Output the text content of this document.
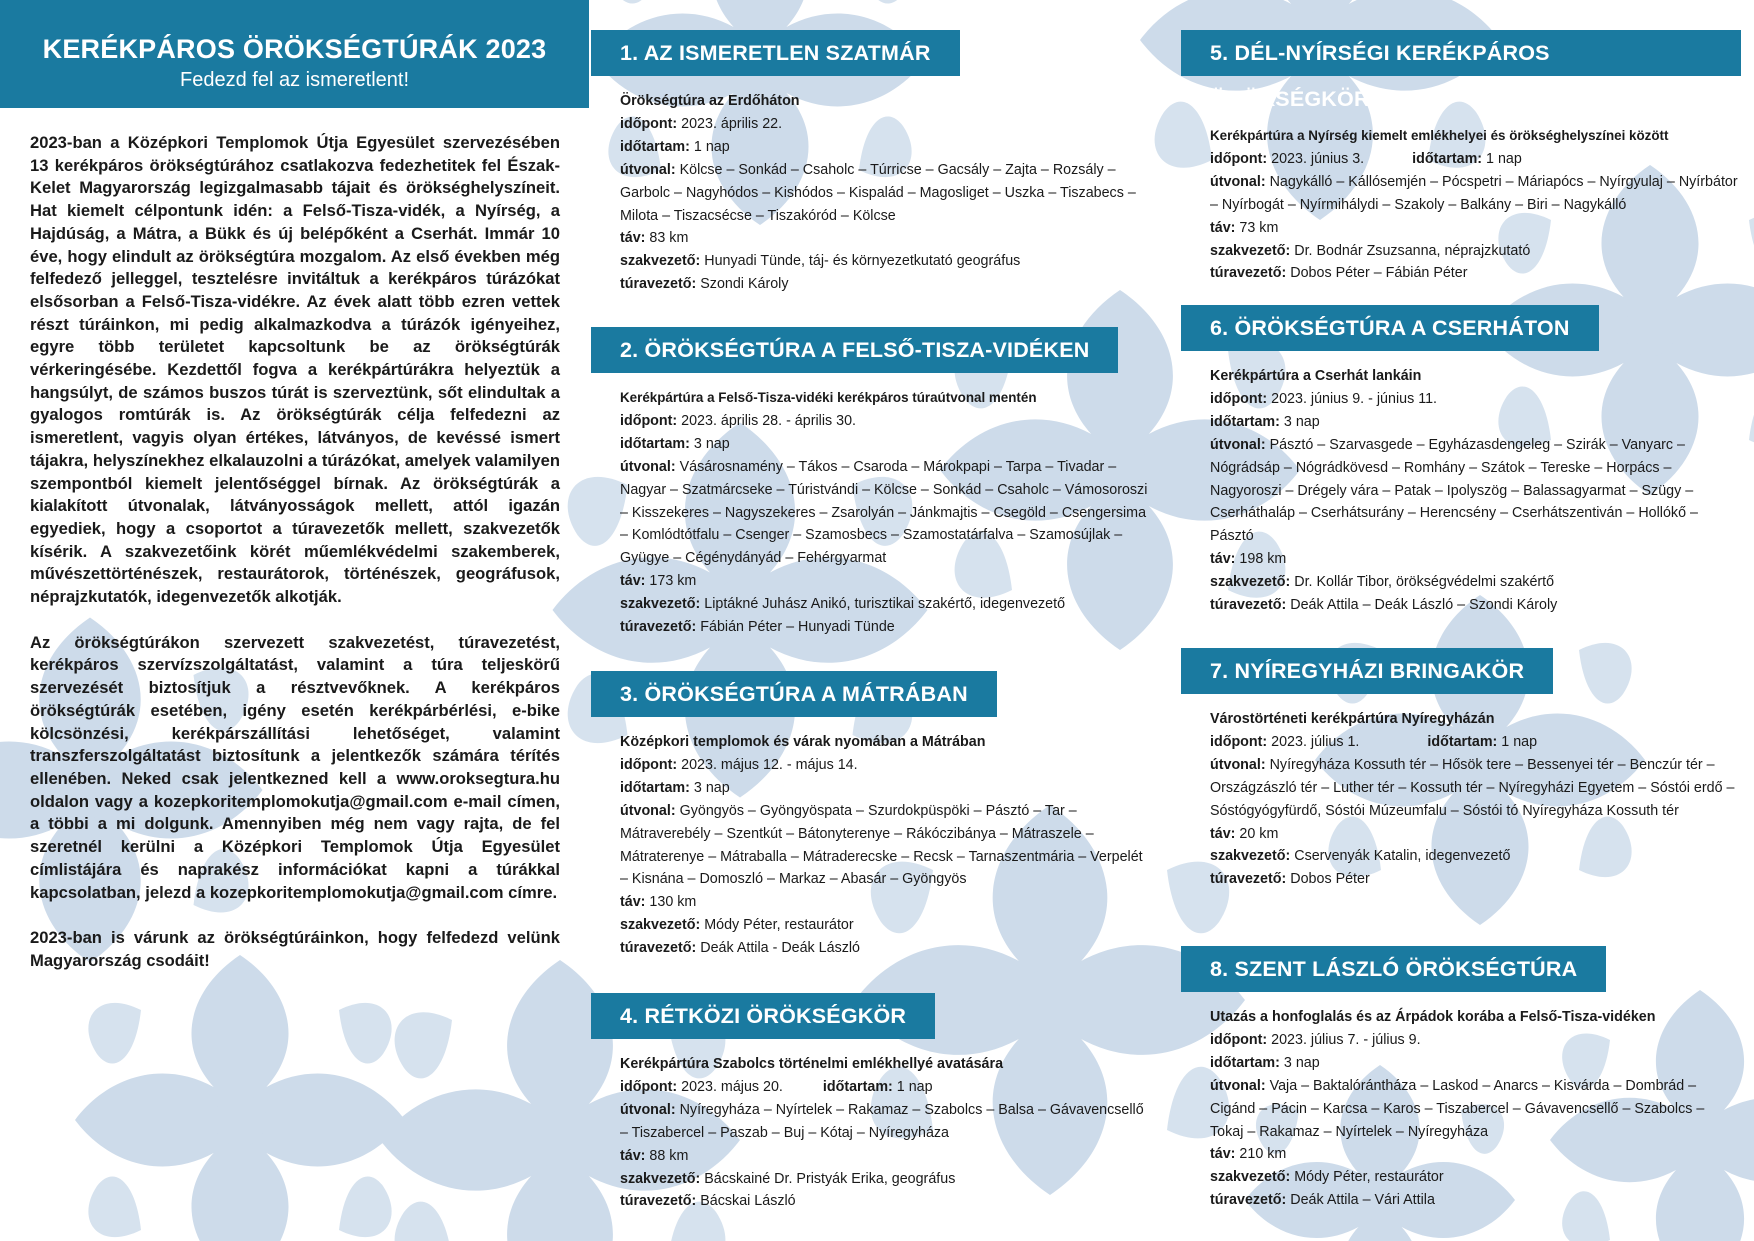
KERÉKPÁROS ÖRÖKSÉGTÚRÁK 2023
Fedezd fel az ismeretlent!

2023-ban a Középkori Templomok Útja Egyesület szervezésében 13 kerékpáros örökségtúrához csatlakozva fedezhetitek fel Észak-Kelet Magyarország legizgalmasabb tájait és örökséghelyszíneit. Hat kiemelt célpontunk idén: a Felső-Tisza-vidék, a Nyírség, a Hajdúság, a Mátra, a Bükk és új belépőként a Cserhát. Immár 10 éve, hogy elindult az örökségtúra mozgalom. Az első években még felfedező jelleggel, tesztelésre invitáltuk a kerékpáros túrázókat elsősorban a Felső-Tisza-vidékre. Az évek alatt több ezren vettek részt túráinkon, mi pedig alkalmazkodva a túrázók igényeihez, egyre több területet kapcsoltunk be az örökségtúrák vérkeringésébe. Kezdettől fogva a kerékpártúrákra helyeztük a hangsúlyt, de számos buszos túrát is szerveztünk, sőt elindultak a gyalogos romtúrák is. Az örökségtúrák célja felfedezni az ismeretlent, vagyis olyan értékes, látványos, de kevéssé ismert tájakra, helyszínekhez elkalauzolni a túrázókat, amelyek valamilyen szempontból kiemelt jelentőséggel bírnak. Az örökségtúrák a kialakított útvonalak, látványosságok mellett, attól igazán egyediek, hogy a csoportot a túravezetők mellett, szakvezetők kísérik. A szakvezetőink körét műemlékvédelmi szakemberek, művészettörténészek, restaurátorok, történészek, geográfusok, néprajzkutatók, idegenvezetők alkotják.

Az örökségtúrákon szervezett szakvezetést, túravezetést, kerékpáros szervízszolgáltatást, valamint a túra teljeskörű szervezését biztosítjuk a résztvevőknek. A kerékpáros örökségtúrák esetében, igény esetén kerékpárbérlési, e-bike kölcsönzési, kerékpárszállítási lehetőséget, valamint transzferszolgáltatást biztosítunk a jelentkezők számára térítés ellenében. Neked csak jelentkezned kell a www.oroksegtura.hu oldalon vagy a kozepkoritemplomokutja@gmail.com e-mail címen, a többi a mi dolgunk. Amennyiben még nem vagy rajta, de fel szeretnél kerülni a Középkori Templomok Útja Egyesület címlistájára és naprakész információkat kapni a túrákkal kapcsolatban, jelezd a kozepkoritemplomokutja@gmail.com címre.

2023-ban is várunk az örökségtúráinkon, hogy felfedezd velünk Magyarország csodáit!

1. AZ ISMERETLEN SZATMÁR
Örökségtúra az Erdőháton
időpont: 2023. április 22.
időtartam: 1 nap
útvonal: Kölcse – Sonkád – Csaholc – Túrricse – Gacsály – Zajta – Rozsály – Garbolc – Nagyhódos – Kishódos – Kispalád – Magosliget – Uszka – Tiszabecs – Milota – Tiszacsécse – Tiszakóród – Kölcse
táv: 83 km
szakvezető: Hunyadi Tünde, táj- és környezetkutató geográfus
túravezető: Szondi Károly
2. ÖRÖKSÉGTÚRA A FELSŐ-TISZA-VIDÉKEN
Kerékpártúra a Felső-Tisza-vidéki kerékpáros túraútvonal mentén
időpont: 2023. április 28. - április 30.
időtartam: 3 nap
útvonal: Vásárosnamény – Tákos – Csaroda – Márokpapi – Tarpa – Tivadar – Nagyar – Szatmárcseke – Túristvándi – Kölcse – Sonkád – Csaholc – Vámosoroszi – Kisszekeres – Nagyszekeres – Zsarolyán – Jánkmajtis – Csegöld – Csengersima – Komlódtótfalu – Csenger – Szamosbecs – Szamostatárfalva – Szamosújlak – Gyügye – Cégénydányád – Fehérgyarmat
táv: 173 km
szakvezető: Liptákné Juhász Anikó, turisztikai szakértő, idegenvezető
túravezető: Fábián Péter – Hunyadi Tünde
3. ÖRÖKSÉGTÚRA A MÁTRÁBAN
Középkori templomok és várak nyomában a Mátrában
időpont: 2023. május 12. - május 14.
időtartam: 3 nap
útvonal: Gyöngyös – Gyöngyöspata – Szurdokpüspöki – Pásztó – Tar – Mátraverebély – Szentkút – Bátonyterenye – Rákóczibánya – Mátraszele – Mátraterenye – Mátraballa – Mátraderecske – Recsk – Tarnaszentmária – Verpelét – Kisnána – Domoszló – Markaz – Abasár – Gyöngyös
táv: 130 km
szakvezető: Módy Péter, restaurátor
túravezető: Deák Attila - Deák László
4. RÉTKÖZI ÖRÖKSÉGKÖR
Kerékpártúra Szabolcs történelmi emlékhellyé avatására
időpont: 2023. május 20.	időtartam: 1 nap
útvonal: Nyíregyháza – Nyírtelek – Rakamaz – Szabolcs – Balsa – Gávavencsellő – Tiszabercel – Paszab – Buj – Kótaj – Nyíregyháza
táv: 88 km
szakvezető: Bácskainé Dr. Pristyák Erika, geográfus
túravezető: Bácskai László
5. DÉL-NYÍRSÉGI KERÉKPÁROS ÖRÖKSÉGKÖR
Kerékpártúra a Nyírség kiemelt emlékhelyei és örökséghelyszínei között
időpont: 2023. június 3.	időtartam: 1 nap
útvonal: Nagykálló – Kállósemjén – Pócspetri – Máriapócs – Nyírgyulaj – Nyírbátor – Nyírbogát – Nyírmihálydi – Szakoly – Balkány – Biri – Nagykálló
táv: 73 km
szakvezető: Dr. Bodnár Zsuzsanna, néprajzkutató
túravezető: Dobos Péter – Fábián Péter
6. ÖRÖKSÉGTÚRA A CSERHÁTON
Kerékpártúra a Cserhát lankáin
időpont: 2023. június 9. - június 11.
időtartam: 3 nap
útvonal: Pásztó – Szarvasgede – Egyházasdengeleg – Szirák – Vanyarc – Nógrádsáp – Nógrádkövesd – Romhány – Szátok – Tereske – Horpács – Nagyoroszi – Drégely vára – Patak – Ipolyszög – Balassagyarmat – Szügy – Cserháthaláp – Cserhátsurány – Herencsény – Cserhátszentiván – Hollókő – Pásztó
táv: 198 km
szakvezető: Dr. Kollár Tibor, örökségvédelmi szakértő
túravezető: Deák Attila – Deák László – Szondi Károly
7. NYÍREGYHÁZI BRINGAKÖR
Várostörténeti kerékpártúra Nyíregyházán
időpont: 2023. július 1.	időtartam: 1 nap
útvonal: Nyíregyháza Kossuth tér – Hősök tere – Bessenyei tér – Benczúr tér – Országzászló tér – Luther tér – Kossuth tér – Nyíregyházi Egyetem – Sóstói erdő – Sóstógyógyfürdő, Sóstói Múzeumfalu – Sóstói tó Nyíregyháza Kossuth tér
táv: 20 km
szakvezető: Cservenyák Katalin, idegenvezető
túravezető: Dobos Péter
8. SZENT LÁSZLÓ ÖRÖKSÉGTÚRA
Utazás a honfoglalás és az Árpádok korába a Felső-Tisza-vidéken
időpont: 2023. július 7. - július 9.
időtartam: 3 nap
útvonal: Vaja – Baktalórántháza – Laskod – Anarcs – Kisvárda – Dombrád – Cigánd – Pácin – Karcsa – Karos – Tiszabercel – Gávavencsellő – Szabolcs – Tokaj – Rakamaz – Nyírtelek – Nyíregyháza
táv: 210 km
szakvezető: Módy Péter, restaurátor
túravezető: Deák Attila – Vári Attila
